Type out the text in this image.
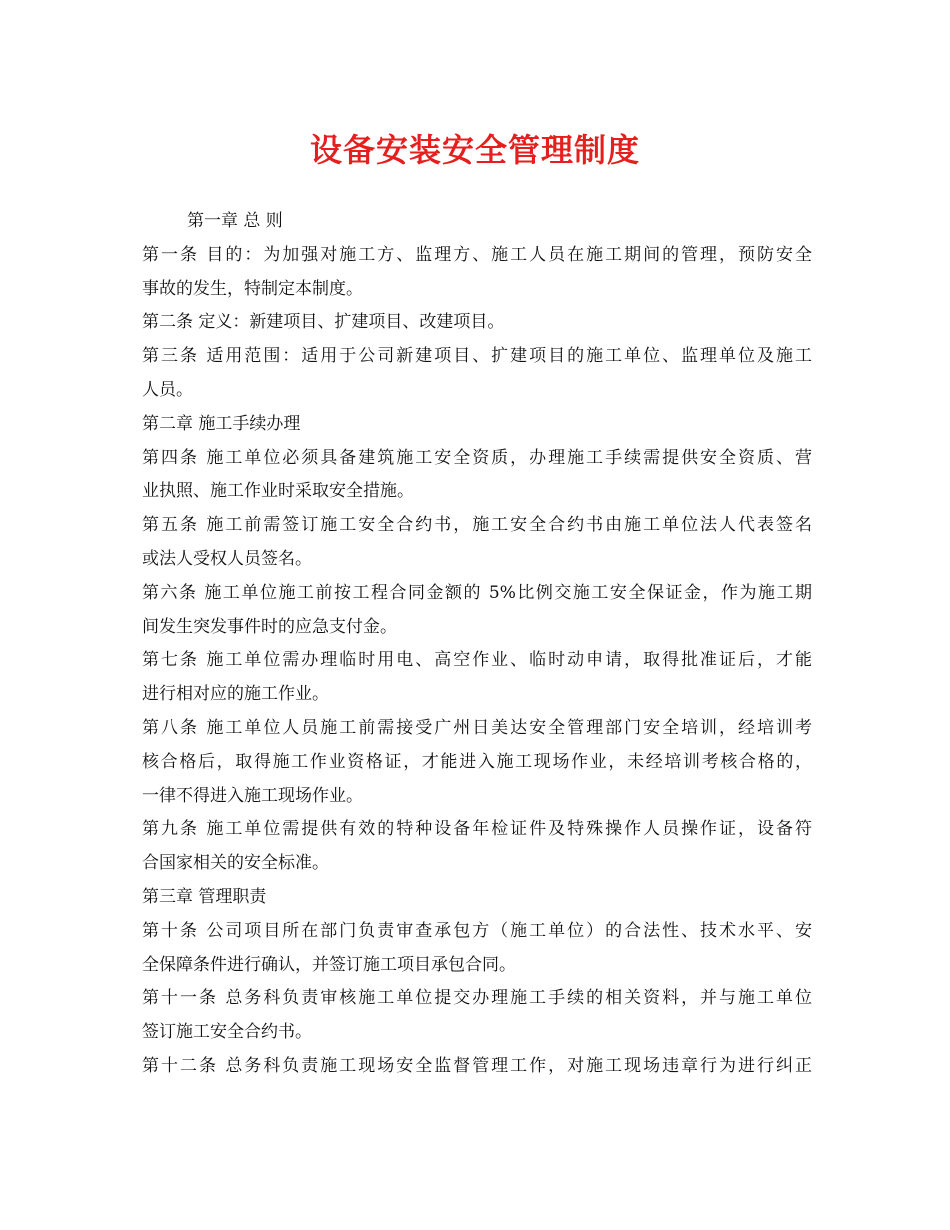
设备安装安全管理制度
第一章 总 则
第一条 目的：为加强对施工方、监理方、施工人员在施工期间的管理，预防安全
事故的发生，特制定本制度。
第二条 定义：新建项目、扩建项目、改建项目。
第三条 适用范围：适用于公司新建项目、扩建项目的施工单位、监理单位及施工
人员。
第二章 施工手续办理
第四条 施工单位必须具备建筑施工安全资质，办理施工手续需提供安全资质、营
业执照、施工作业时采取安全措施。
第五条 施工前需签订施工安全合约书，施工安全合约书由施工单位法人代表签名
或法人受权人员签名。
第六条 施工单位施工前按工程合同金额的 5%比例交施工安全保证金，作为施工期
间发生突发事件时的应急支付金。
第七条 施工单位需办理临时用电、高空作业、临时动申请，取得批准证后，才能
进行相对应的施工作业。
第八条 施工单位人员施工前需接受广州日美达安全管理部门安全培训，经培训考
核合格后，取得施工作业资格证，才能进入施工现场作业，未经培训考核合格的，
一律不得进入施工现场作业。
第九条 施工单位需提供有效的特种设备年检证件及特殊操作人员操作证，设备符
合国家相关的安全标准。
第三章 管理职责
第十条 公司项目所在部门负责审查承包方（施工单位）的合法性、技术水平、安
全保障条件进行确认，并签订施工项目承包合同。
第十一条 总务科负责审核施工单位提交办理施工手续的相关资料，并与施工单位
签订施工安全合约书。
第十二条 总务科负责施工现场安全监督管理工作，对施工现场违章行为进行纠正
